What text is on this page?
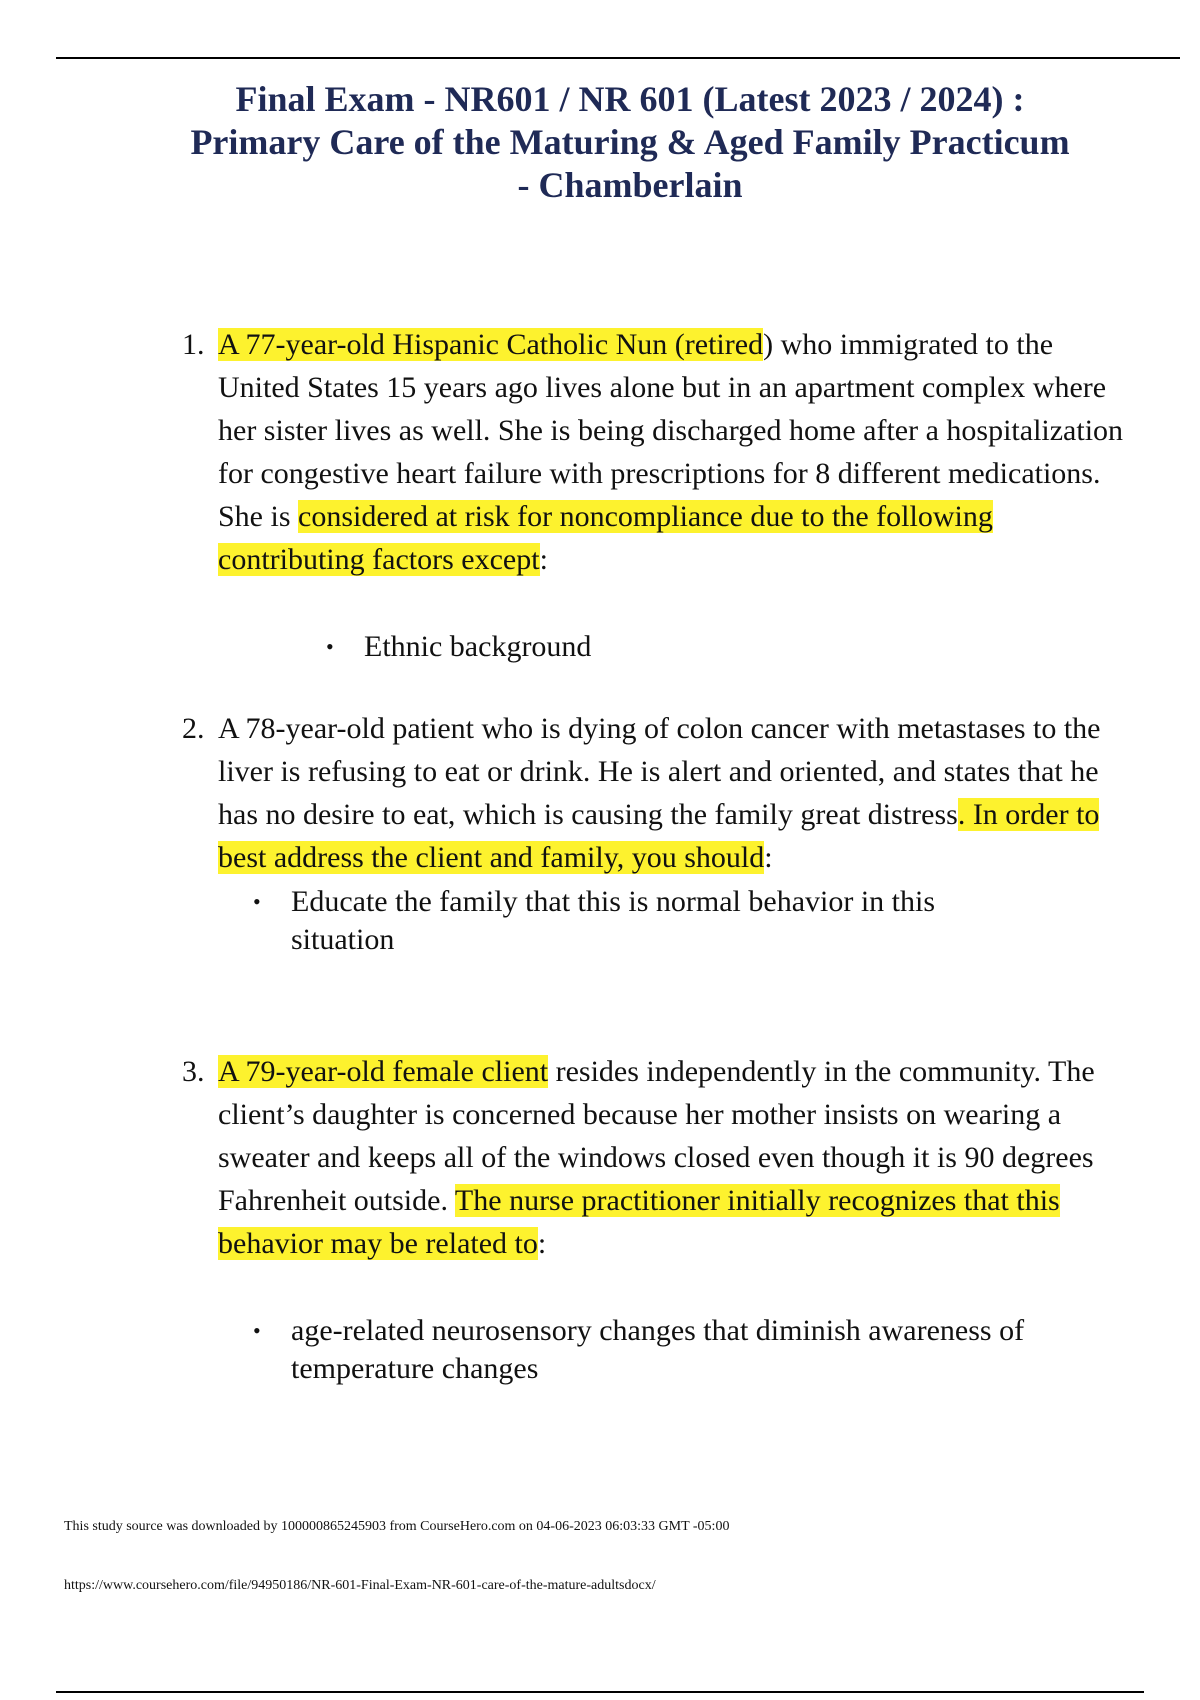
Final Exam - NR601 / NR 601 (Latest 2023 / 2024) :
Primary Care of the Maturing & Aged Family Practicum
- Chamberlain
1. A 77-year-old Hispanic Catholic Nun (retired) who immigrated to the United States 15 years ago lives alone but in an apartment complex where her sister lives as well. She is being discharged home after a hospitalization for congestive heart failure with prescriptions for 8 different medications. She is considered at risk for noncompliance due to the following contributing factors except:

• Ethnic background
2. A 78-year-old patient who is dying of colon cancer with metastases to the liver is refusing to eat or drink. He is alert and oriented, and states that he has no desire to eat, which is causing the family great distress. In order to best address the client and family, you should:

• Educate the family that this is normal behavior in this situation
3. A 79-year-old female client resides independently in the community. The client’s daughter is concerned because her mother insists on wearing a sweater and keeps all of the windows closed even though it is 90 degrees Fahrenheit outside. The nurse practitioner initially recognizes that this behavior may be related to:

• age-related neurosensory changes that diminish awareness of temperature changes

This study source was downloaded by 100000865245903 from CourseHero.com on 04-06-2023 06:03:33 GMT -05:00

https://www.coursehero.com/file/94950186/NR-601-Final-Exam-NR-601-care-of-the-mature-adultsdocx/
